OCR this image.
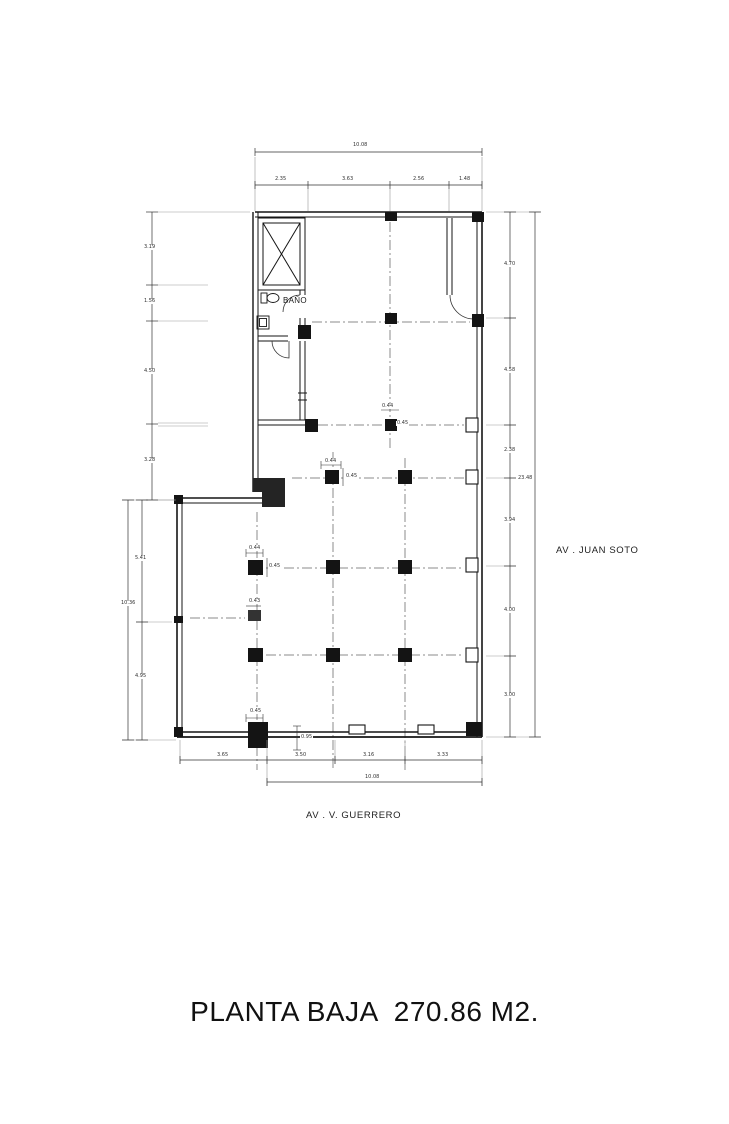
10.08
2.35	3.63	2.56	1.48
3.65	3.50	3.16	3.33
10.08
3.19
1.56
4.50
3.28
5.41
4.95
10.36
4.70
4.58
2.38
3.94
4.00
3.00
23.48
0.44
0.45
0.44
0.45
0.44
0.45
0.43
0.45
0.95
BAÑO
AV . JUAN SOTO
AV . V. GUERRERO
PLANTA BAJA  270.86 M2.
